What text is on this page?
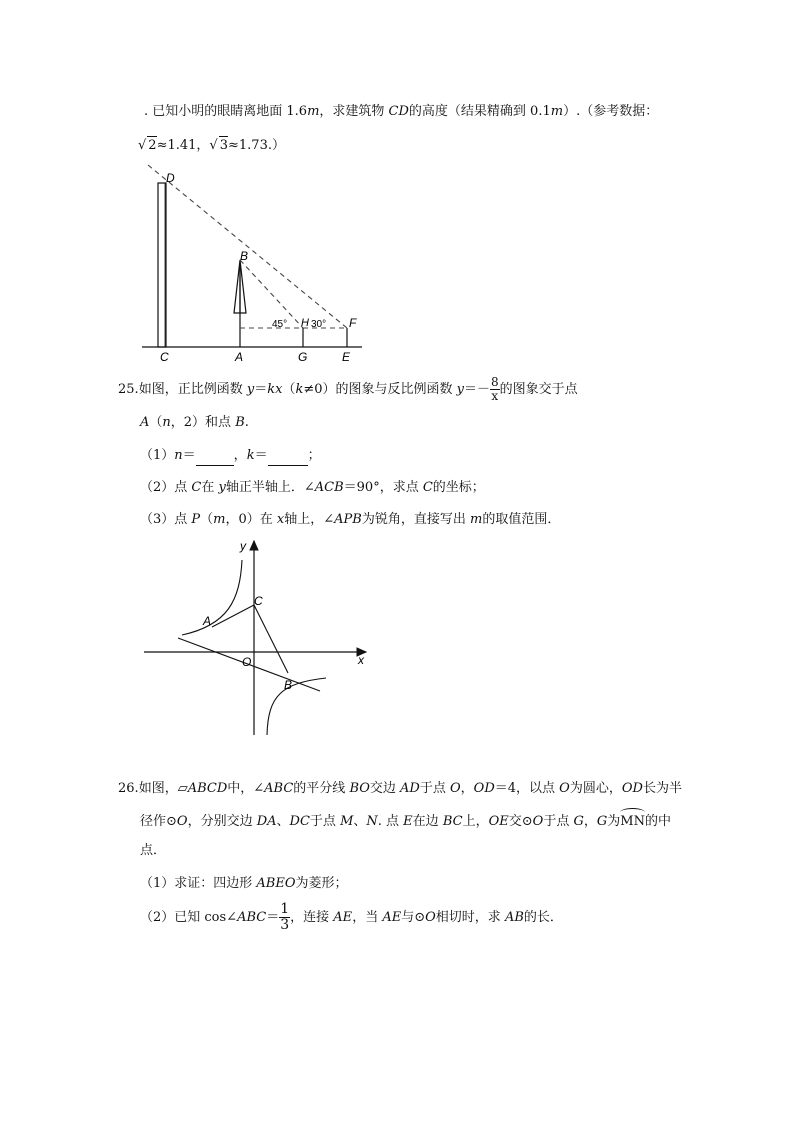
. 已知小明的眼睛离地面 1.6m，求建筑物 CD的高度（结果精确到 0.1m）.（参考数据：
√ 2≈1.41，√ 3≈1.73.）
D
B
C	A	G	E
H	F
45° 30°
25.如图，正比例函数 y＝kx（k≠0）的图象与反比例函数 $y=- \frac{8}{x}$ 的图象交于点
A（n，2）和点 B.
（1）n＝	，k＝	；
（2）点 C在 y轴正半轴上．∠ACB＝90°，求点 C的坐标；
（3）点 P（m，0）在 x轴上，∠APB为锐角，直接写出 m的取值范围．
y
x
O
A
B
C
26.如图，▱ABCD中，∠ABC的平分线 BO交边 AD于点 O，OD＝4，以点 O为圆心，OD长为半
径作⊙O，分别交边 DA、DC于点 M、N. 点 E在边 BC上，OE交⊙O于点 G，G为MN的中
点．
（1）求证：四边形 ABEO为菱形；
（2）已知 cos∠ABC＝ $\frac{1}{3}$ ，连接 AE，当 AE与⊙O相切时，求 AB的长．
